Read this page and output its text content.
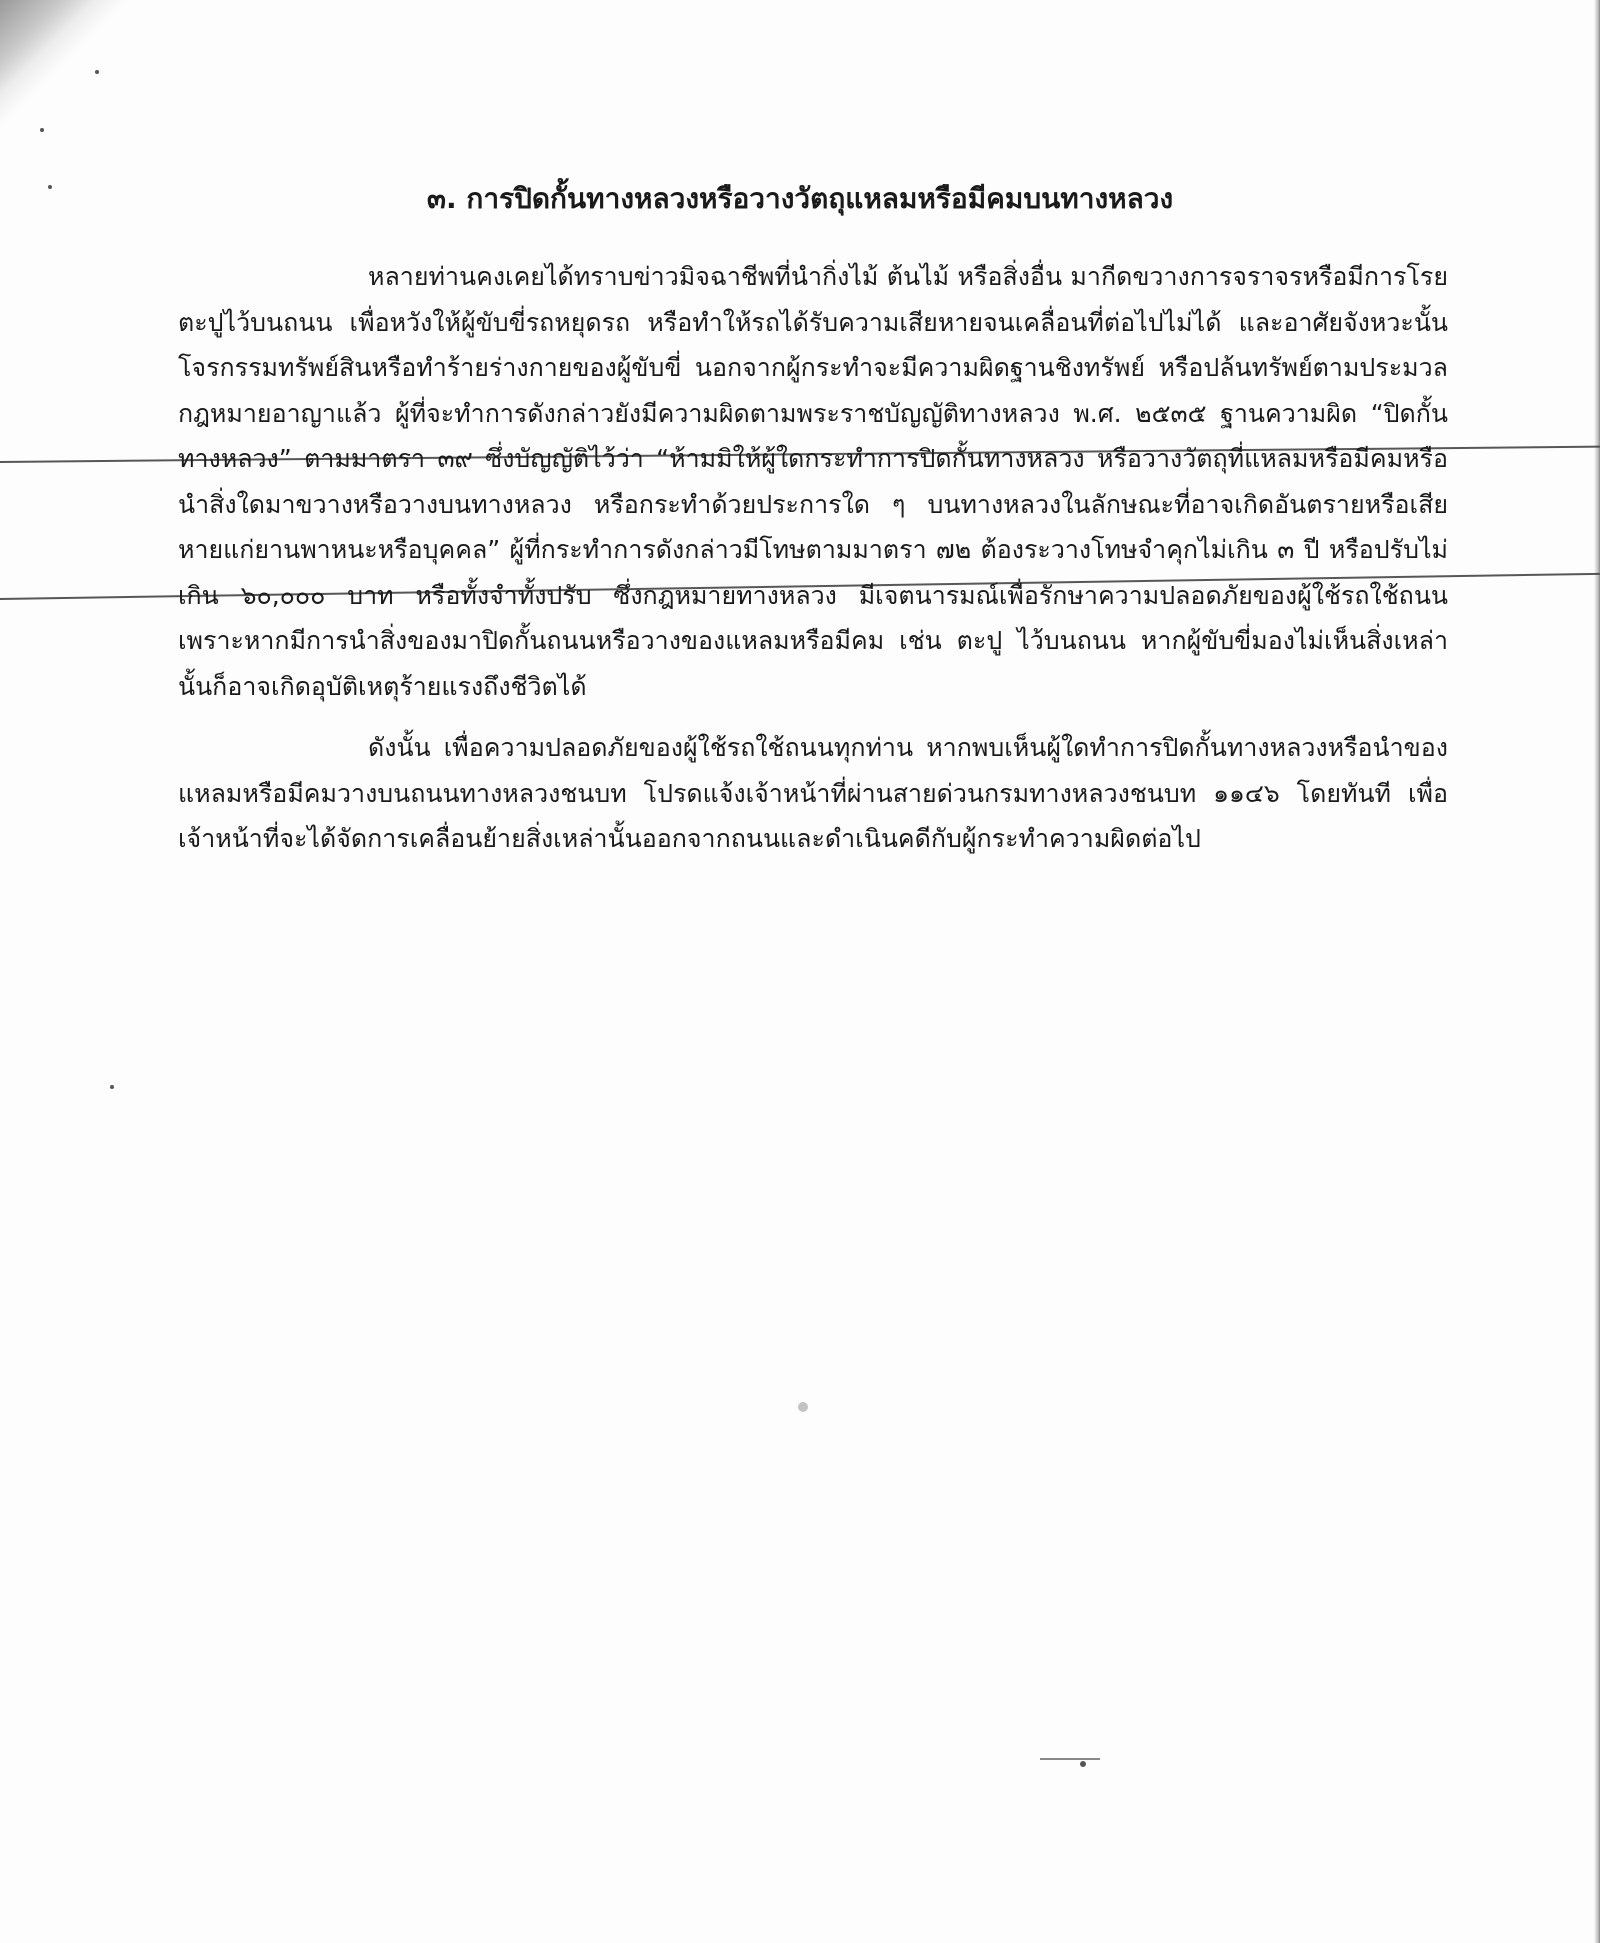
๓. การปิดกั้นทางหลวงหรือวางวัตถุแหลมหรือมีคมบนทางหลวง

หลายท่านคงเคยได้ทราบข่าวมิจฉาชีพที่นำกิ่งไม้ ต้นไม้ หรือสิ่งอื่น มากีดขวางการจราจรหรือมีการโรยตะปูไว้บนถนน เพื่อหวังให้ผู้ขับขี่รถหยุดรถ หรือทำให้รถได้รับความเสียหายจนเคลื่อนที่ต่อไปไม่ได้ และอาศัยจังหวะนั้น โจรกรรมทรัพย์สินหรือทำร้ายร่างกายของผู้ขับขี่ นอกจากผู้กระทำจะมีความผิดฐานชิงทรัพย์ หรือปล้นทรัพย์ตามประมวลกฎหมายอาญาแล้ว ผู้ที่จะทำการดังกล่าวยังมีความผิดตามพระราชบัญญัติทางหลวง พ.ศ. ๒๕๓๕ ฐานความผิด “ปิดกั้นทางหลวง” ตามมาตรา ๓๙ ซึ่งบัญญัติไว้ว่า “ห้ามมิให้ผู้ใดกระทำการปิดกั้นทางหลวง หรือวางวัตถุที่แหลมหรือมีคมหรือนำสิ่งใดมาขวางหรือวางบนทางหลวง หรือกระทำด้วยประการใด ๆ บนทางหลวงในลักษณะที่อาจเกิดอันตรายหรือเสียหายแก่ยานพาหนะหรือบุคคล” ผู้ที่กระทำการดังกล่าวมีโทษตามมาตรา ๗๒ ต้องระวางโทษจำคุกไม่เกิน ๓ ปี หรือปรับไม่เกิน ๖๐,๐๐๐ บาท หรือทั้งจำทั้งปรับ ซึ่งกฎหมายทางหลวง มีเจตนารมณ์เพื่อรักษาความปลอดภัยของผู้ใช้รถใช้ถนน เพราะหากมีการนำสิ่งของมาปิดกั้นถนนหรือวางของแหลมหรือมีคม เช่น ตะปู ไว้บนถนน หากผู้ขับขี่มองไม่เห็นสิ่งเหล่านั้นก็อาจเกิดอุบัติเหตุร้ายแรงถึงชีวิตได้

ดังนั้น เพื่อความปลอดภัยของผู้ใช้รถใช้ถนนทุกท่าน หากพบเห็นผู้ใดทำการปิดกั้นทางหลวงหรือนำของแหลมหรือมีคมวางบนถนนทางหลวงชนบท โปรดแจ้งเจ้าหน้าที่ผ่านสายด่วนกรมทางหลวงชนบท ๑๑๔๖ โดยทันที เพื่อเจ้าหน้าที่จะได้จัดการเคลื่อนย้ายสิ่งเหล่านั้นออกจากถนนและดำเนินคดีกับผู้กระทำความผิดต่อไป
